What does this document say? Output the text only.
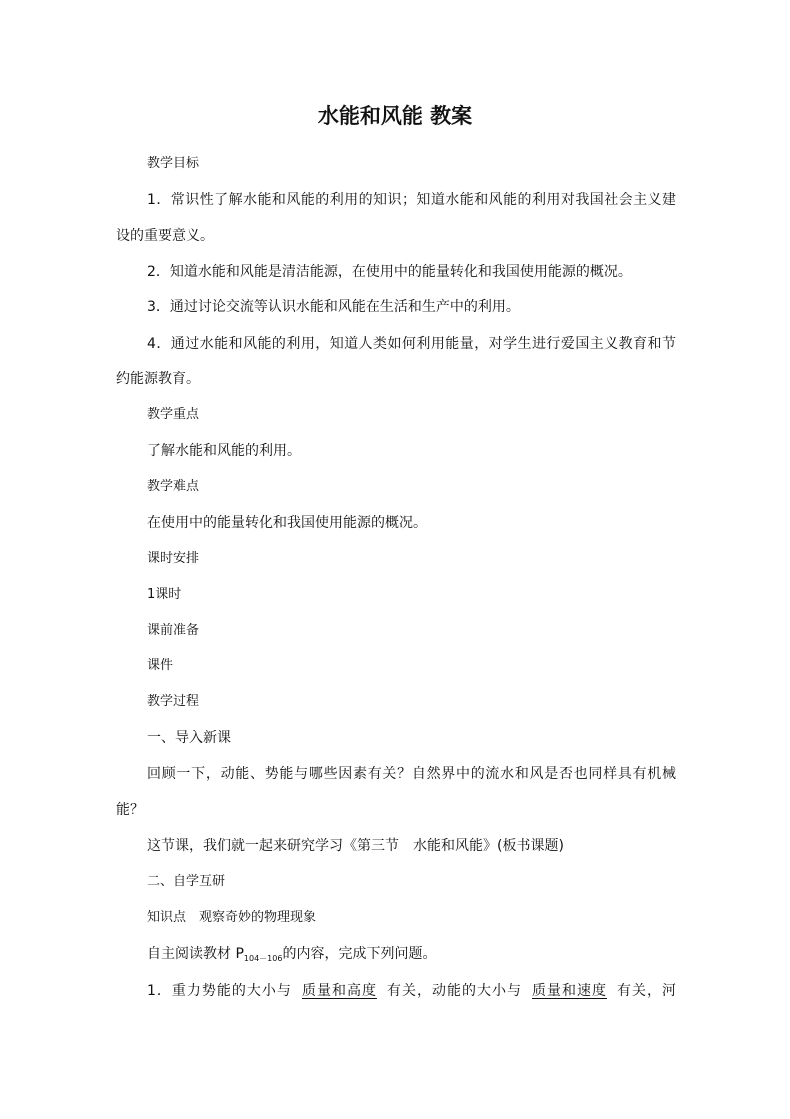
水能和风能 教案

教学目标

1．常识性了解水能和风能的利用的知识；知道水能和风能的利用对我国社会主义建

设的重要意义。

2．知道水能和风能是清洁能源，在使用中的能量转化和我国使用能源的概况。

3．通过讨论交流等认识水能和风能在生活和生产中的利用。

4．通过水能和风能的利用，知道人类如何利用能量，对学生进行爱国主义教育和节

约能源教育。

教学重点

了解水能和风能的利用。

教学难点

在使用中的能量转化和我国使用能源的概况。

课时安排

1课时

课前准备

课件

教学过程

一、导入新课

回顾一下，动能、势能与哪些因素有关？自然界中的流水和风是否也同样具有机械

能？

这节课，我们就一起来研究学习《第三节　水能和风能》(板书课题)

二、自学互研

知识点　观察奇妙的物理现象

自主阅读教材 $P_{104-106}$的内容，完成下列问题。

1．重力势能的大小与 质量和高度 有关，动能的大小与 质量和速度 有关，河
